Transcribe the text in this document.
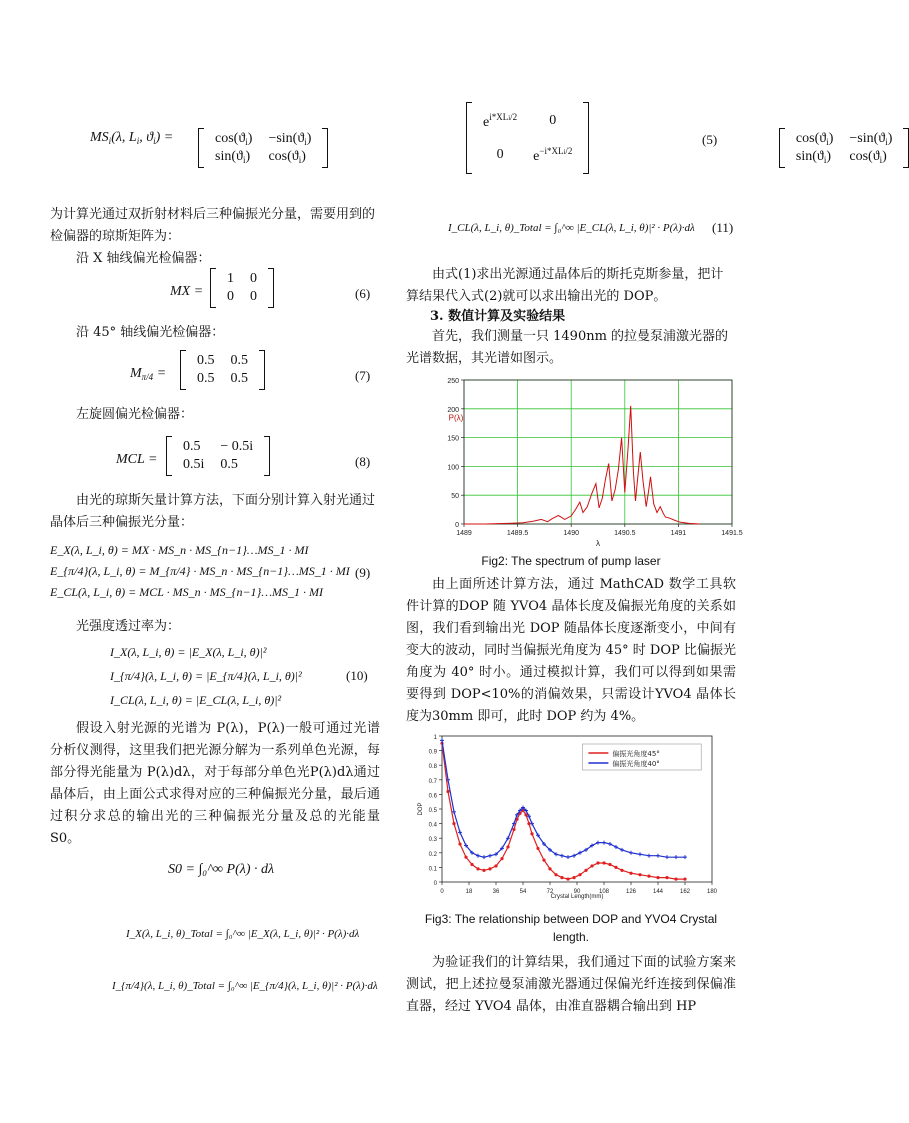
$MS_i(\lambda$, $L_i$, $ϑ_i$) =	$\cos(ϑ_i)$	$-\sin(ϑ_i)$
$\sin(ϑ_i)$	$\cos(ϑ_i)$

$e^{i*XLi/2}$	0
0	$e^{-i*XLi/2}$

$\cos(ϑ_i)$	$-\sin(ϑ_i)$
$\sin(ϑ_i)$	$\cos(ϑ_i)$
(5)
为计算光通过双折射材料后三种偏振光分量，需要用到的检偏器的琼斯矩阵为：
沿 X 轴线偏光检偏器：
MX =
1	0
0	0	(6)
沿 45° 轴线偏光检偏器：
$M_{\pi/4}$ =
0.5	0.5
0.5	0.5	(7)
左旋圆偏光检偏器：
MCL =
0.5	− 0.5i
0.5i	0.5	(8)
由光的琼斯矢量计算方法，下面分别计算入射光通过晶体后三种偏振光分量：
E_X(λ, L_i, θ) = MX · MS_n · MS_{n−1}…MS_1 · MI
E_{π/4}(λ, L_i, θ) = M_{π/4} · MS_n · MS_{n−1}…MS_1 · MI
E_CL(λ, L_i, θ) = MCL · MS_n · MS_{n−1}…MS_1 · MI
(9)
光强度透过率为：
I_X(λ, L_i, θ) = |E_X(λ, L_i, θ)|²
I_{π/4}(λ, L_i, θ) = |E_{π/4}(λ, L_i, θ)|²
I_CL(λ, L_i, θ) = |E_CL(λ, L_i, θ)|²
(10)
假设入射光源的光谱为 P(λ)，P(λ)一般可通过光谱分析仪测得，这里我们把光源分解为一系列单色光源，每部分得光能量为 P(λ)dλ，对于每部分单色光P(λ)dλ通过晶体后，由上面公式求得对应的三种偏振光分量，最后通过积分求总的输出光的三种偏振光分量及总的光能量 S0。
S0 = ∫₀^∞ P(λ) · dλ
I_X(λ, L_i, θ)_Total = ∫₀^∞ |E_X(λ, L_i, θ)|² · P(λ)·dλ
I_{π/4}(λ, L_i, θ)_Total = ∫₀^∞ |E_{π/4}(λ, L_i, θ)|² · P(λ)·dλ
I_CL(λ, L_i, θ)_Total = ∫₀^∞ |E_CL(λ, L_i, θ)|² · P(λ)·dλ (11)
由式(1)求出光源通过晶体后的斯托克斯参量，把计算结果代入式(2)就可以求出输出光的 DOP。
3. 数值计算及实验结果
首先，我们测量一只 1490nm 的拉曼泵浦激光器的光谱数据，其光谱如图示。
1489	1489.5	1490	1490.5	1491	1491.5
0
50
100
150
200
250
λ
P(λ)
Fig2: The spectrum of pump laser
由上面所述计算方法，通过 MathCAD 数学工具软件计算的DOP 随 YVO4 晶体长度及偏振光角度的关系如图，我们看到输出光 DOP 随晶体长度逐渐变小，中间有变大的波动，同时当偏振光角度为 45° 时 DOP 比偏振光角度为 40° 时小。通过模拟计算，我们可以得到如果需要得到 DOP<10%的消偏效果，只需设计YVO4 晶体长度为30mm 即可，此时 DOP 约为 4%。
0	18	36	54	72	90	108	126	144	162	180
0
0.1
0.2
0.3
0.4
0.5
0.6
0.7
0.8
0.9
1
Crystal Length(mm)
DOP
偏振光角度45°
偏振光角度40°
Fig3: The relationship between DOP and YVO4 Crystal length.
为验证我们的计算结果，我们通过下面的试验方案来测试，把上述拉曼泵浦激光器通过保偏光纤连接到保偏准直器，经过 YVO4 晶体，由准直器耦合输出到 HP
